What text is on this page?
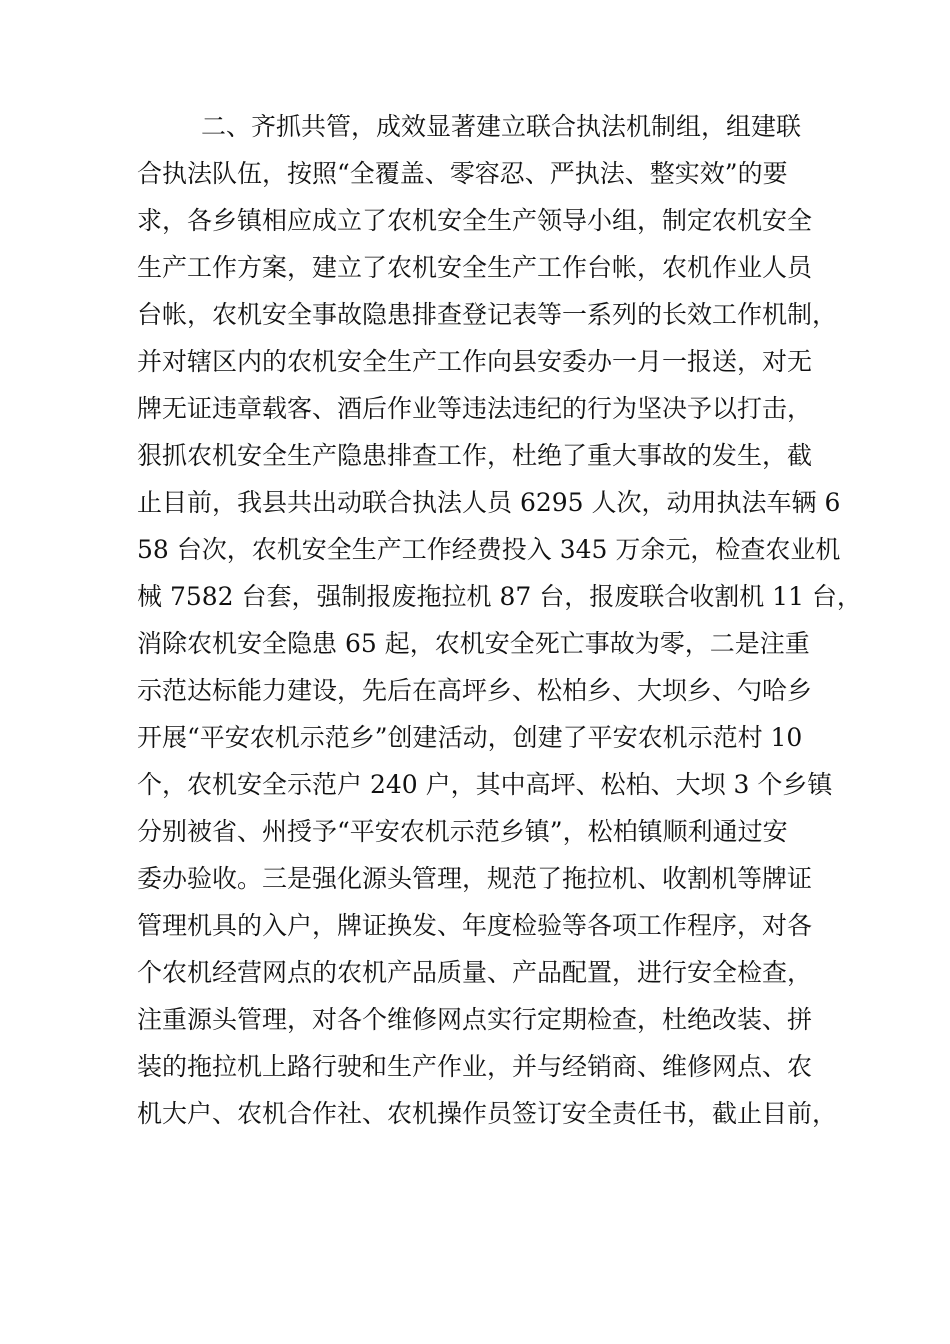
二、齐抓共管，成效显著建立联合执法机制组，组建联
合执法队伍，按照“全覆盖、零容忍、严执法、整实效”的要
求，各乡镇相应成立了农机安全生产领导小组，制定农机安全
生产工作方案，建立了农机安全生产工作台帐，农机作业人员
台帐，农机安全事故隐患排查登记表等一系列的长效工作机制，
并对辖区内的农机安全生产工作向县安委办一月一报送，对无
牌无证违章载客、酒后作业等违法违纪的行为坚决予以打击，
狠抓农机安全生产隐患排查工作，杜绝了重大事故的发生，截
止目前，我县共出动联合执法人员 6295 人次，动用执法车辆 6
58 台次，农机安全生产工作经费投入 345 万余元，检查农业机
械 7582 台套，强制报废拖拉机 87 台，报废联合收割机 11 台，
消除农机安全隐患 65 起，农机安全死亡事故为零，二是注重
示范达标能力建设，先后在高坪乡、松柏乡、大坝乡、勺哈乡
开展“平安农机示范乡”创建活动，创建了平安农机示范村 10
个，农机安全示范户 240 户，其中高坪、松柏、大坝 3 个乡镇
分别被省、州授予“平安农机示范乡镇”，松柏镇顺利通过安
委办验收。三是强化源头管理，规范了拖拉机、收割机等牌证
管理机具的入户，牌证换发、年度检验等各项工作程序，对各
个农机经营网点的农机产品质量、产品配置，进行安全检查，
注重源头管理，对各个维修网点实行定期检查，杜绝改装、拼
装的拖拉机上路行驶和生产作业，并与经销商、维修网点、农
机大户、农机合作社、农机操作员签订安全责任书，截止目前，
